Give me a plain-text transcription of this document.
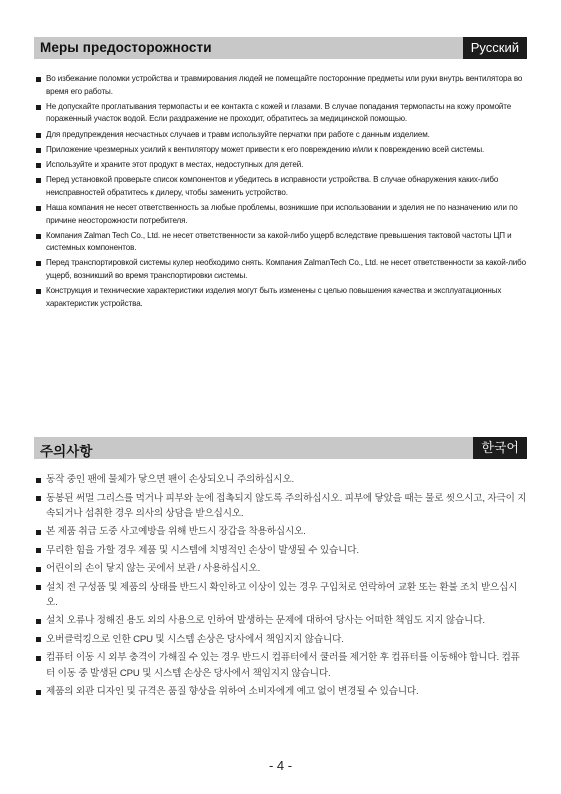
Меры предосторожности	Русский
Во избежание поломки устройства и травмирования людей не помещайте посторонние предметы или руки внутрь вентилятора во время его работы.
Не допускайте проглатывания термопасты и ее контакта с кожей и глазами. В случае попадания термопасты на кожу промойте пораженный участок водой. Если раздражение не проходит, обратитесь за медицинской помощью.
Для предупреждения несчастных случаев и травм используйте перчатки при работе с данным изделием.
Приложение чрезмерных усилий к вентилятору может привести к его повреждению и/или к повреждению всей системы.
Используйте и храните этот продукт в местах, недоступных для детей.
Перед установкой проверьте список компонентов и убедитесь в исправности устройства. В случае обнаружения каких-либо неисправностей обратитесь к дилеру, чтобы заменить устройство.
Наша компания не несет ответственность за любые проблемы, возникшие при использовании и зделия не по назначению или по причине неосторожности потребителя.
Компания Zalman Tech Co., Ltd. не несет ответственности за какой-либо ущерб вследствие превышения тактовой частоты ЦП и системных компонентов.
Перед транспортировкой системы кулер необходимо снять. Компания ZalmanTech Co., Ltd. не несет ответственности за какой-либо ущерб, возникший во время транспортировки системы.
Конструкция и технические характеристики изделия могут быть изменены с целью повышения качества и эксплуатационных характеристик устройства.
주의사항	한국어
동작 중인 팬에 물체가 닿으면 팬이 손상되오니 주의하십시오.
동봉된 써멀 그리스를 먹거나 피부와 눈에 접촉되지 않도록 주의하십시오. 피부에 닿았을 때는 물로 씻으시고, 자극이 지속되거나 섭취한 경우 의사의 상담을 받으십시오.
본 제품 취급 도중 사고예방을 위해 반드시 장갑을 착용하십시오.
무리한 힘을 가할 경우 제품 및 시스템에 치명적인 손상이 발생될 수 있습니다.
어린이의 손이 닿지 않는 곳에서 보관 / 사용하십시오.
설치 전 구성품 및 제품의 상태를 반드시 확인하고 이상이 있는 경우 구입처로 연락하여 교환 또는 환불 조치 받으십시오.
설치 오류나 정해진 용도 외의 사용으로 인하여 발생하는 문제에 대하여 당사는 어떠한 책임도 지지 않습니다.
오버클럭킹으로 인한 CPU 및 시스템 손상은 당사에서 책임지지 않습니다.
컴퓨터 이동 시 외부 충격이 가해질 수 있는 경우 반드시 컴퓨터에서 쿨러를 제거한 후 컴퓨터를 이동해야 합니다. 컴퓨터 이동 중 발생된 CPU 및 시스템 손상은 당사에서 책임지지 않습니다.
제품의 외관 디자인 및 규격은 품질 향상을 위하여 소비자에게 예고 없이 변경될 수 있습니다.
- 4 -
